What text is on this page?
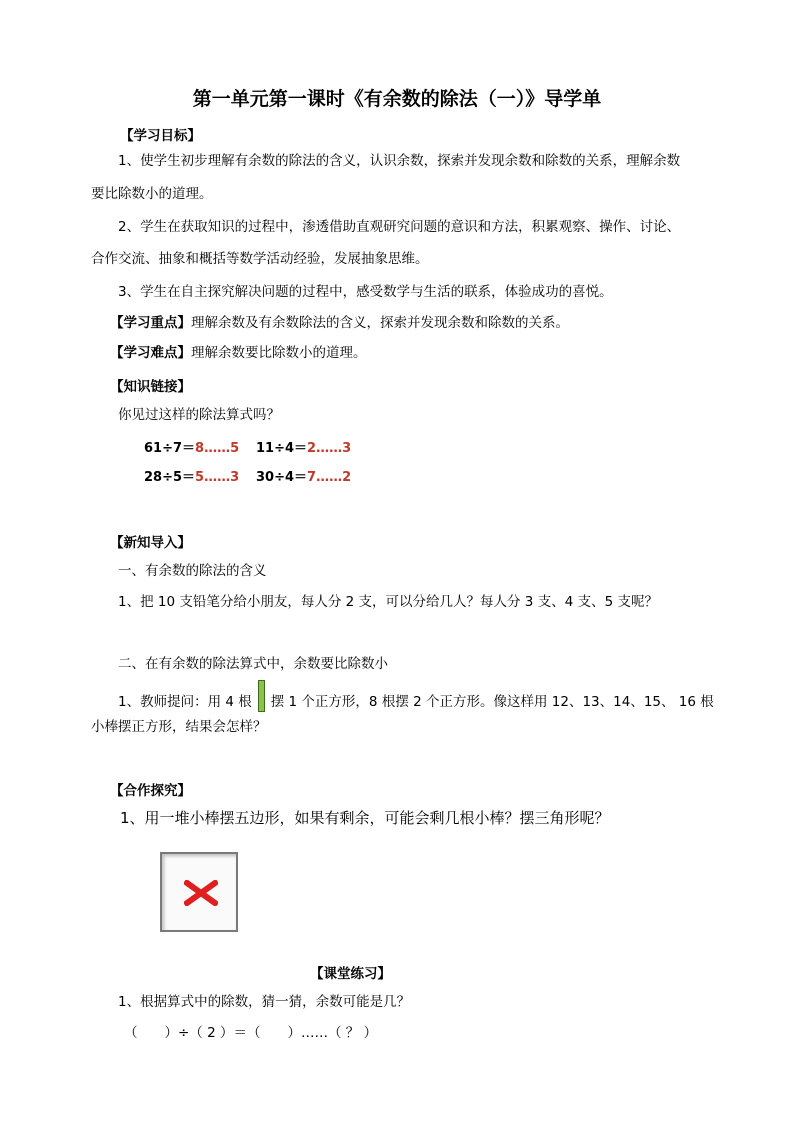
第一单元第一课时《有余数的除法（一）》导学单
【学习目标】
1、使学生初步理解有余数的除法的含义，认识余数，探索并发现余数和除数的关系，理解余数
要比除数小的道理。
2、学生在获取知识的过程中，渗透借助直观研究问题的意识和方法，积累观察、操作、讨论、
合作交流、抽象和概括等数学活动经验，发展抽象思维。
3、学生在自主探究解决问题的过程中，感受数学与生活的联系，体验成功的喜悦。
【学习重点】理解余数及有余数除法的含义，探索并发现余数和除数的关系。
【学习难点】理解余数要比除数小的道理。
【知识链接】
你见过这样的除法算式吗？
61÷7＝8……5 11÷4＝2……3
28÷5＝5……3 30÷4＝7……2
【新知导入】
一、有余数的除法的含义
1、把 10 支铅笔分给小朋友，每人分 2 支，可以分给几人？每人分 3 支、4 支、5 支呢？
二、在有余数的除法算式中，余数要比除数小
1、教师提问：用 4 根 摆 1 个正方形，8 根摆 2 个正方形。像这样用 12、13、14、15、 16 根
小棒摆正方形，结果会怎样？
【合作探究】
1、用一堆小棒摆五边形，如果有剩余，可能会剩几根小棒？摆三角形呢？
【课堂练习】
1、根据算式中的除数，猜一猜，余数可能是几？
（　　）÷（ 2 ）＝（　　）……（ ？ ）
